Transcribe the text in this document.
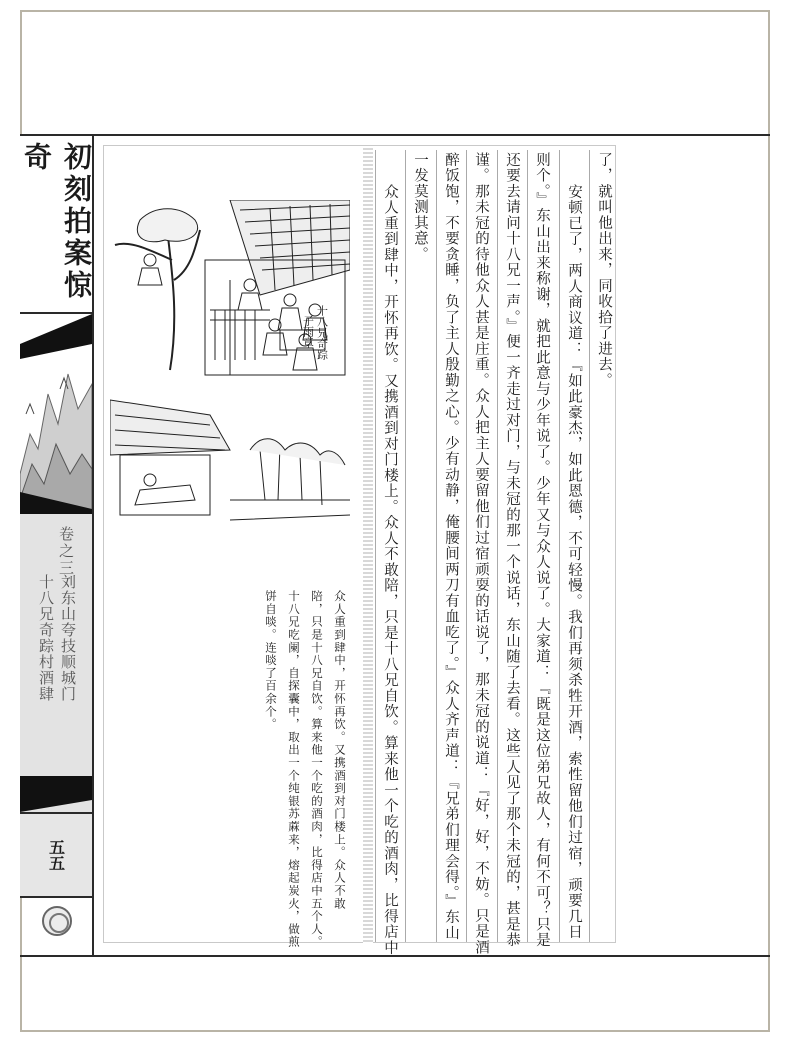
初刻拍案惊奇
卷之三
刘东山夸技顺城门
十八兄奇踪村酒肆
五五
十八兄奇踪
子雨章
众人重到肆中，开怀再饮。又携酒到对门楼上。众人不敢
陪，只是十八兄自饮。算来他一个吃的酒肉，比得店中五个人。
十八兄吃阑，自探囊中，取出一个纯银苏蔴来，熔起炭火，做煎
饼自啖。连啖了百余个。
了，就叫他出来，同收拾了进去。
安顿已了，两人商议道：『如此豪杰，如此恩德，不可轻慢。我们再须杀牲开酒，索性留他们过宿，顽要几日
则个。』东山出来称谢，就把此意与少年说了。少年又与众人说了。大家道：『既是这位弟兄故人，有何不可？只是
还要去请问十八兄一声。』便一齐走过对门，与未冠的那一个说话，东山随了去看。这些人见了那个未冠的，甚是恭
谨。那未冠的待他众人甚是庄重。众人把主人要留他们过宿顽耍的话说了，那未冠的说道：『好，好，不妨。只是酒
醉饭饱，不要贪睡，负了主人殷勤之心。少有动静，俺腰间两刀有血吃了。』众人齐声道：『兄弟们理会得。』东山
一发莫测其意。
众人重到肆中，开怀再饮。又携酒到对门楼上。众人不敢陪，只是十八兄自饮。算来他一个吃的酒肉，比得店中
